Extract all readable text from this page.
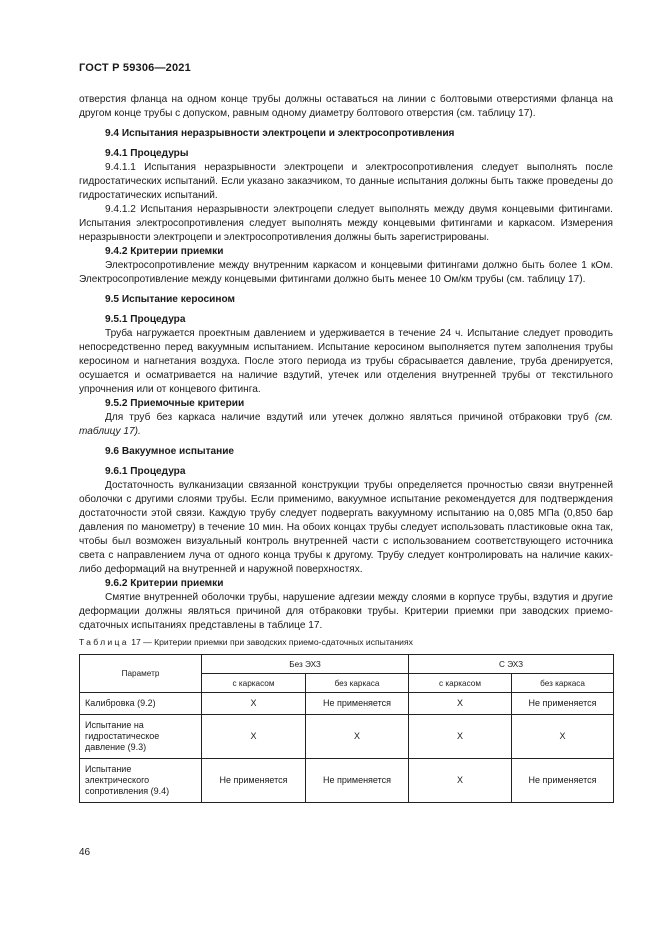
ГОСТ Р 59306—2021

отверстия фланца на одном конце трубы должны оставаться на линии с болтовыми отверстиями фланца на другом конце трубы с допуском, равным одному диаметру болтового отверстия (см. таблицу 17).

9.4 Испытания неразрывности электроцепи и электросопротивления
9.4.1 Процедуры

9.4.1.1 Испытания неразрывности электроцепи и электросопротивления следует выполнять после гидростатических испытаний. Если указано заказчиком, то данные испытания должны быть также проведены до гидростатических испытаний.

9.4.1.2 Испытания неразрывности электроцепи следует выполнять между двумя концевыми фитингами. Испытания электросопротивления следует выполнять между концевыми фитингами и каркасом. Измерения неразрывности электроцепи и электросопротивления должны быть зарегистрированы.

9.4.2 Критерии приемки

Электросопротивление между внутренним каркасом и концевыми фитингами должно быть более 1 кОм. Электросопротивление между концевыми фитингами должно быть менее 10 Ом/км трубы (см. таблицу 17).

9.5 Испытание керосином
9.5.1 Процедура

Труба нагружается проектным давлением и удерживается в течение 24 ч. Испытание следует проводить непосредственно перед вакуумным испытанием. Испытание керосином выполняется путем заполнения трубы керосином и нагнетания воздуха. После этого периода из трубы сбрасывается давление, труба дренируется, осушается и осматривается на наличие вздутий, утечек или отделения внутренней трубы от текстильного упрочнения или от концевого фитинга.

9.5.2 Приемочные критерии

Для труб без каркаса наличие вздутий или утечек должно являться причиной отбраковки труб (см. таблицу 17).

9.6 Вакуумное испытание
9.6.1 Процедура

Достаточность вулканизации связанной конструкции трубы определяется прочностью связи внутренней оболочки с другими слоями трубы. Если применимо, вакуумное испытание рекомендуется для подтверждения достаточности этой связи. Каждую трубу следует подвергать вакуумному испытанию на 0,085 МПа (0,850 бар давления по манометру) в течение 10 мин. На обоих концах трубы следует использовать пластиковые окна так, чтобы был возможен визуальный контроль внутренней части с использованием соответствующего источника света с направлением луча от одного конца трубы к другому. Трубу следует контролировать на наличие каких-либо деформаций на внутренней и наружной поверхностях.

9.6.2 Критерии приемки

Смятие внутренней оболочки трубы, нарушение адгезии между слоями в корпусе трубы, вздутия и другие деформации должны являться причиной для отбраковки трубы. Критерии приемки при заводских приемо-сдаточных испытаниях представлены в таблице 17.

Таблица 17 — Критерии приемки при заводских приемо-сдаточных испытаниях
Параметр	Без ЭХЗ		С ЭХЗ	
	с каркасом	без каркаса	с каркасом	без каркаса
Калибровка (9.2)	X	Не применяется	X	Не применяется
Испытание на гидростатическое давление (9.3)	X	X	X	X
Испытание электрического сопротивления (9.4)	Не применяется	Не применяется	X	Не применяется
46
